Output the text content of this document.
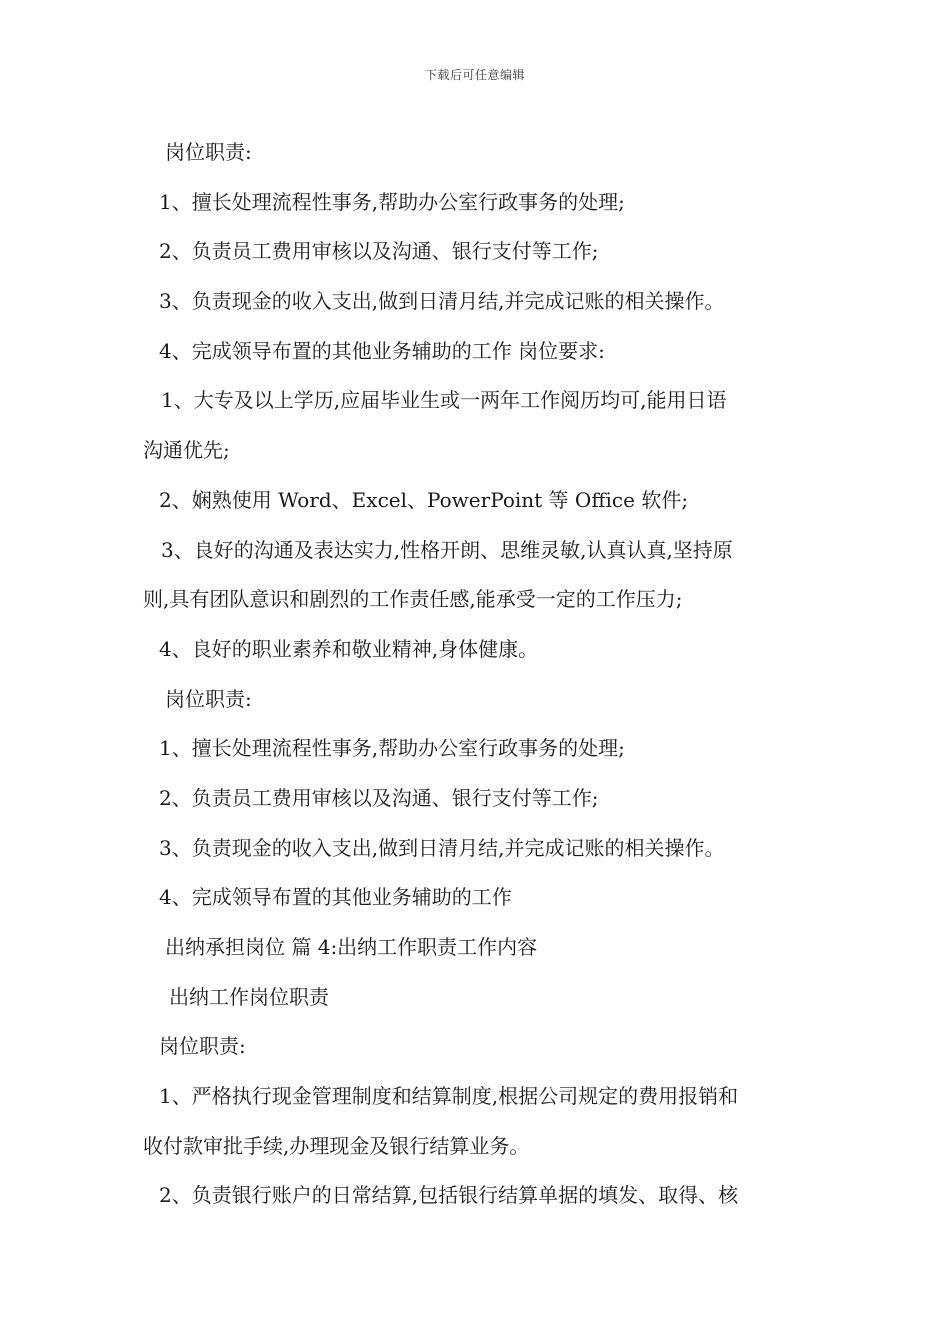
下载后可任意编辑
岗位职责:
1、擅长处理流程性事务,帮助办公室行政事务的处理;
2、负责员工费用审核以及沟通、银行支付等工作;
3、负责现金的收入支出,做到日清月结,并完成记账的相关操作。
4、完成领导布置的其他业务辅助的工作 岗位要求:
1、大专及以上学历,应届毕业生或一两年工作阅历均可,能用日语
沟通优先;
2、娴熟使用 Word、Excel、PowerPoint 等 Office 软件;
3、良好的沟通及表达实力,性格开朗、思维灵敏,认真认真,坚持原
则,具有团队意识和剧烈的工作责任感,能承受一定的工作压力;
4、良好的职业素养和敬业精神,身体健康。
岗位职责:
1、擅长处理流程性事务,帮助办公室行政事务的处理;
2、负责员工费用审核以及沟通、银行支付等工作;
3、负责现金的收入支出,做到日清月结,并完成记账的相关操作。
4、完成领导布置的其他业务辅助的工作
出纳承担岗位 篇 4:出纳工作职责工作内容
出纳工作岗位职责
岗位职责:
1、严格执行现金管理制度和结算制度,根据公司规定的费用报销和
收付款审批手续,办理现金及银行结算业务。
2、负责银行账户的日常结算,包括银行结算单据的填发、取得、核
